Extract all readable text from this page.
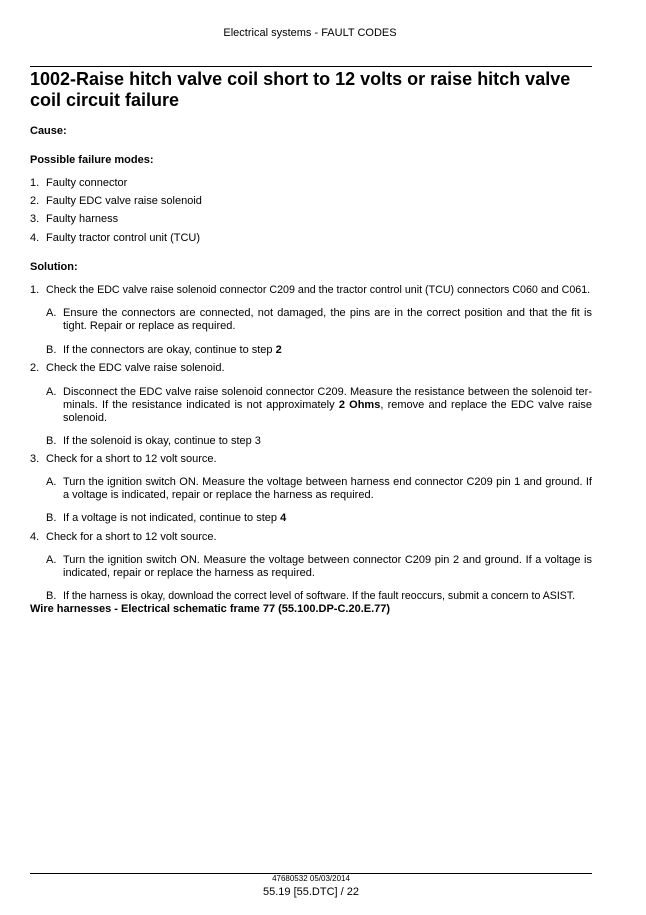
Electrical systems - FAULT CODES
1002-Raise hitch valve coil short to 12 volts or raise hitch valve coil circuit failure
Cause:
Possible failure modes:
1. Faulty connector
2. Faulty EDC valve raise solenoid
3. Faulty harness
4. Faulty tractor control unit (TCU)
Solution:
1. Check the EDC valve raise solenoid connector C209 and the tractor control unit (TCU) connectors C060 and C061.
A. Ensure the connectors are connected, not damaged, the pins are in the correct position and that the fit is tight. Repair or replace as required.
B. If the connectors are okay, continue to step 2
2. Check the EDC valve raise solenoid.
A. Disconnect the EDC valve raise solenoid connector C209. Measure the resistance between the solenoid ter-minals. If the resistance indicated is not approximately 2 Ohms, remove and replace the EDC valve raise solenoid.
B. If the solenoid is okay, continue to step 3
3. Check for a short to 12 volt source.
A. Turn the ignition switch ON. Measure the voltage between harness end connector C209 pin 1 and ground. If a voltage is indicated, repair or replace the harness as required.
B. If a voltage is not indicated, continue to step 4
4. Check for a short to 12 volt source.
A. Turn the ignition switch ON. Measure the voltage between connector C209 pin 2 and ground. If a voltage is indicated, repair or replace the harness as required.
B. If the harness is okay, download the correct level of software. If the fault reoccurs, submit a concern to ASIST.
Wire harnesses - Electrical schematic frame 77 (55.100.DP-C.20.E.77)
47680532 05/03/2014
55.19 [55.DTC] / 22
